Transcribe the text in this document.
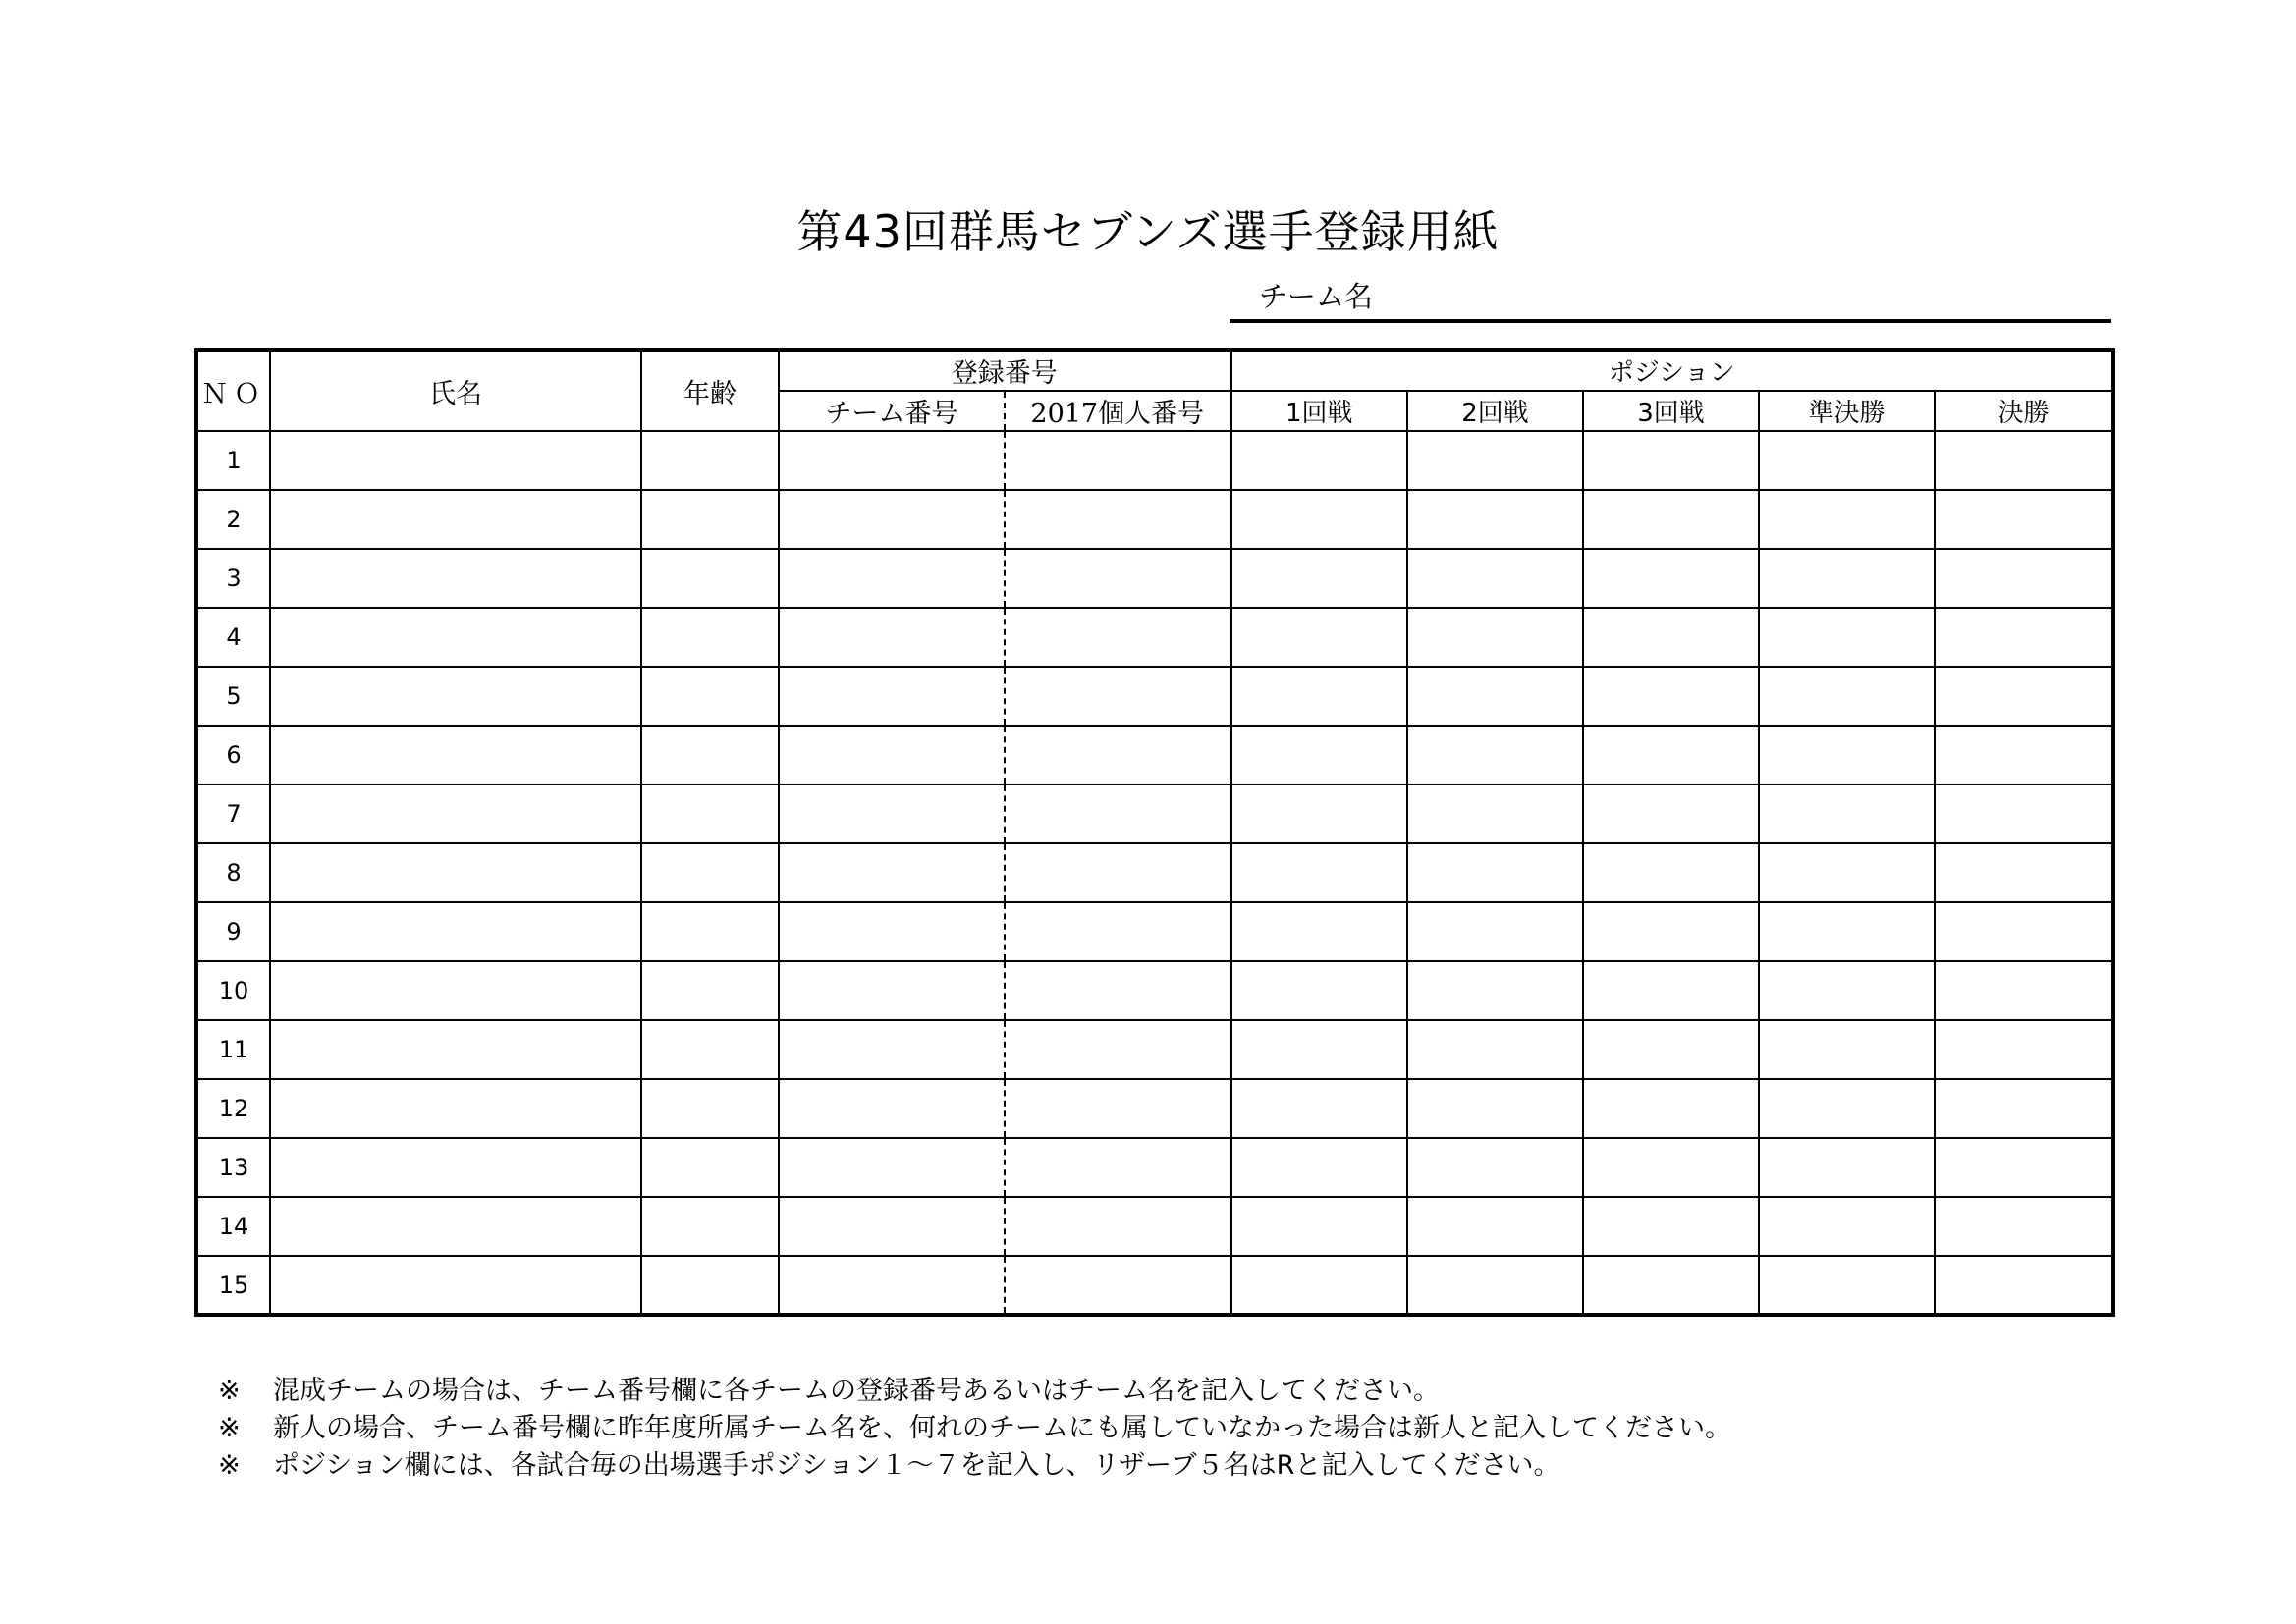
第43回群馬セブンズ選手登録用紙
チーム名
ＮＯ	氏名	年齢	登録番号		ポジション				
			チーム番号	2017個人番号	1回戦	2回戦	3回戦	準決勝	決勝
1									
2									
3									
4									
5									
6									
7									
8									
9									
10									
11									
12									
13									
14									
15									
※	混成チームの場合は、チーム番号欄に各チームの登録番号あるいはチーム名を記入してください。
※	新人の場合、チーム番号欄に昨年度所属チーム名を、何れのチームにも属していなかった場合は新人と記入してください。
※	ポジション欄には、各試合毎の出場選手ポジション１～７を記入し、リザーブ５名はRと記入してください。
